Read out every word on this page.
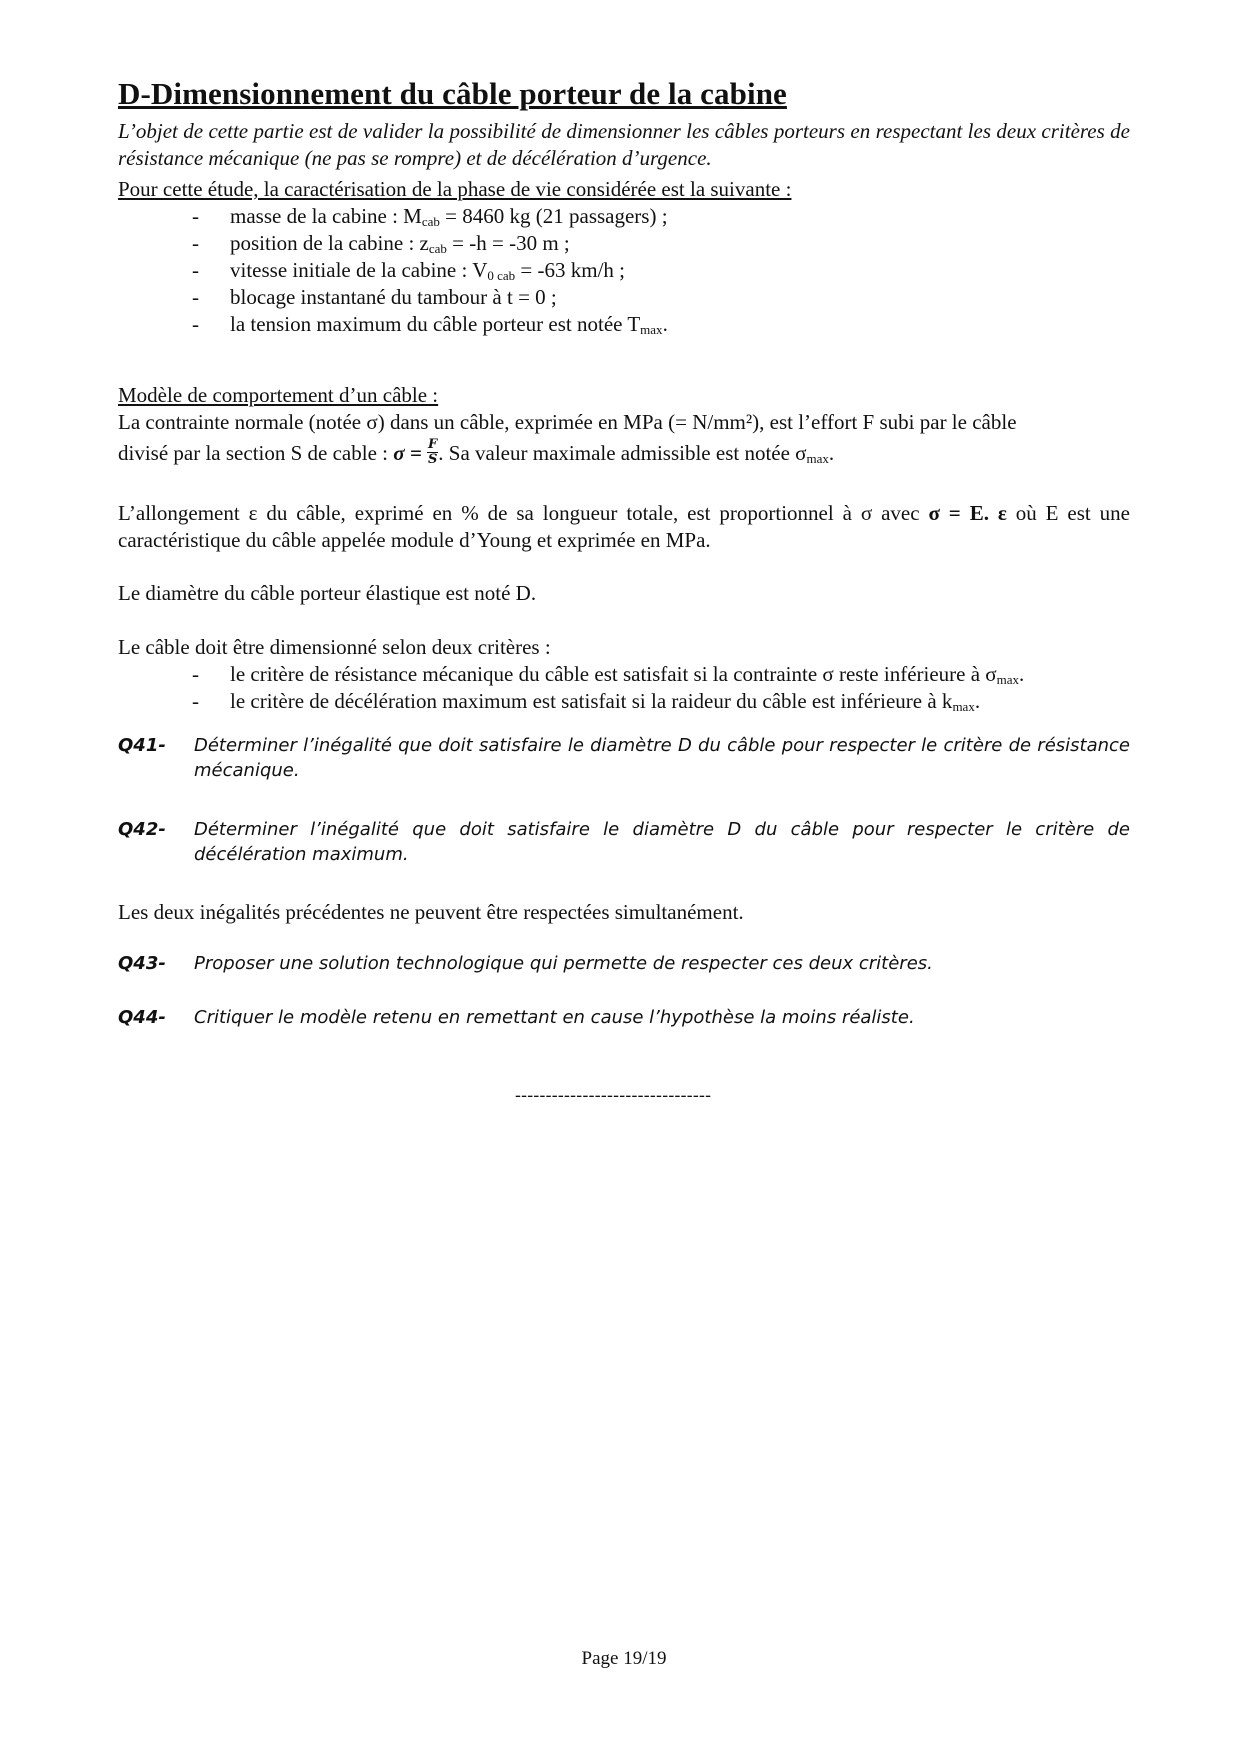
D-Dimensionnement du câble porteur de la cabine
L’objet de cette partie est de valider la possibilité de dimensionner les câbles porteurs en respectant les deux critères de résistance mécanique (ne pas se rompre) et de décélération d’urgence.
Pour cette étude, la caractérisation de la phase de vie considérée est la suivante :
- masse de la cabine : $M_{cab} = 8460$ kg (21 passagers) ;
- position de la cabine : $z_{cab} = -h = -30$ m ;
- vitesse initiale de la cabine : $V_{0 cab} = -63$ km/h ;
- blocage instantané du tambour à t = 0 ;
- la tension maximum du câble porteur est notée $T_{max}$.
Modèle de comportement d’un câble :
La contrainte normale (notée σ) dans un câble, exprimée en MPa (= N/mm²), est l’effort F subi par le câble
divisé par la section S de cable : $\sigma = \frac{F}{S}$ . Sa valeur maximale admissible est notée $\sigma_{max}$.
L’allongement ε du câble, exprimé en % de sa longueur totale, est proportionnel à σ avec σ = E. ε où E est une caractéristique du câble appelée module d’Young et exprimée en MPa.
Le diamètre du câble porteur élastique est noté D.
Le câble doit être dimensionné selon deux critères :
- le critère de résistance mécanique du câble est satisfait si la contrainte σ reste inférieure à $\sigma_{max}$.
- le critère de décélération maximum est satisfait si la raideur du câble est inférieure à $k_{max}$.
Q41- Déterminer l’inégalité que doit satisfaire le diamètre D du câble pour respecter le critère de résistance mécanique.
Q42- Déterminer l’inégalité que doit satisfaire le diamètre D du câble pour respecter le critère de décélération maximum.
Les deux inégalités précédentes ne peuvent être respectées simultanément.
Q43- Proposer une solution technologique qui permette de respecter ces deux critères.
Q44- Critiquer le modèle retenu en remettant en cause l’hypothèse la moins réaliste.
--------------------------------
Page 19/19
